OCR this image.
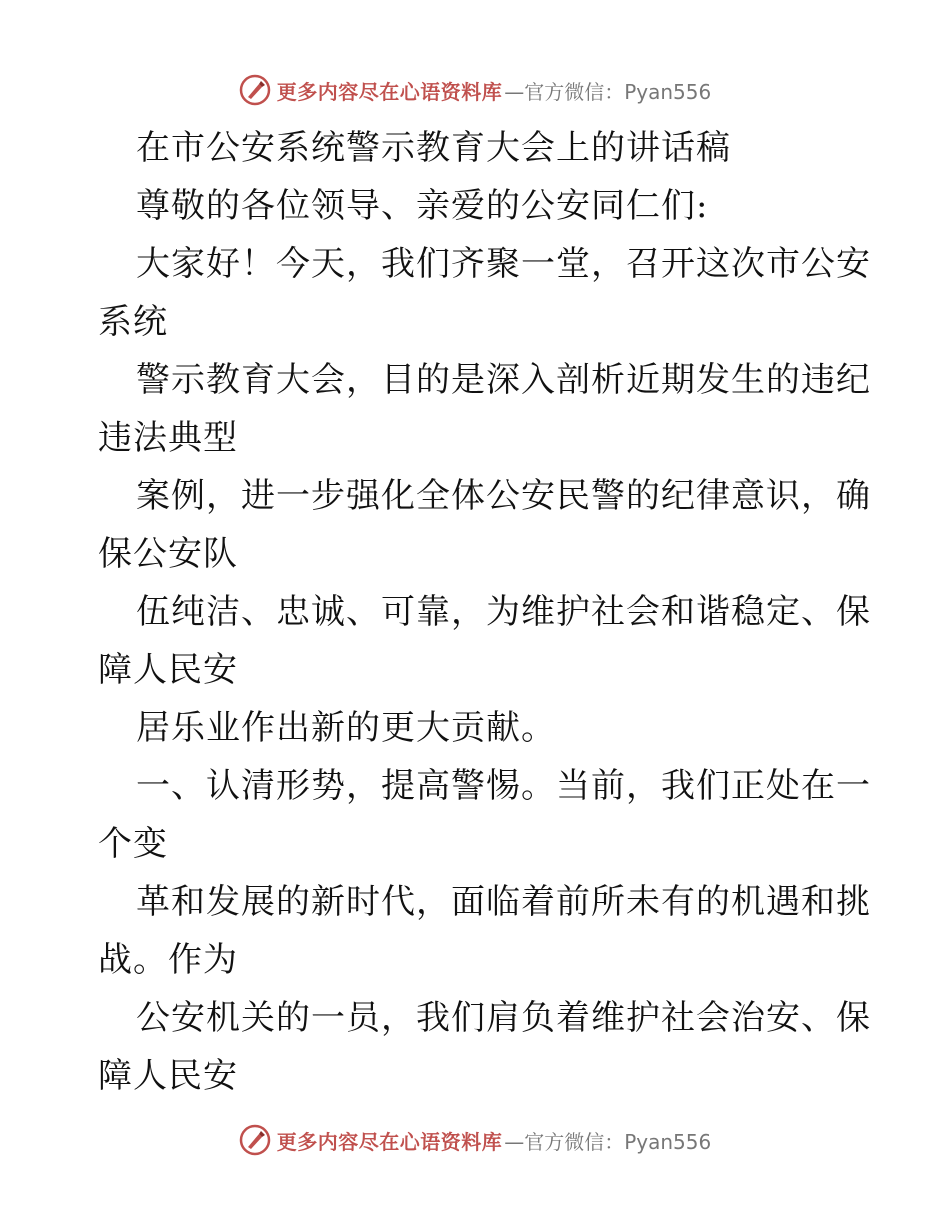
更多内容尽在心语资料库 —官方微信：Pyan556
在市公安系统警示教育大会上的讲话稿
尊敬的各位领导、亲爱的公安同仁们:
大家好！今天，我们齐聚一堂，召开这次市公安
系统
警示教育大会，目的是深入剖析近期发生的违纪
违法典型
案例，进一步强化全体公安民警的纪律意识，确
保公安队
伍纯洁、忠诚、可靠，为维护社会和谐稳定、保
障人民安
居乐业作出新的更大贡献。
一、认清形势，提高警惕。当前，我们正处在一
个变
革和发展的新时代，面临着前所未有的机遇和挑
战。作为
公安机关的一员，我们肩负着维护社会治安、保
障人民安
更多内容尽在心语资料库 —官方微信：Pyan556
